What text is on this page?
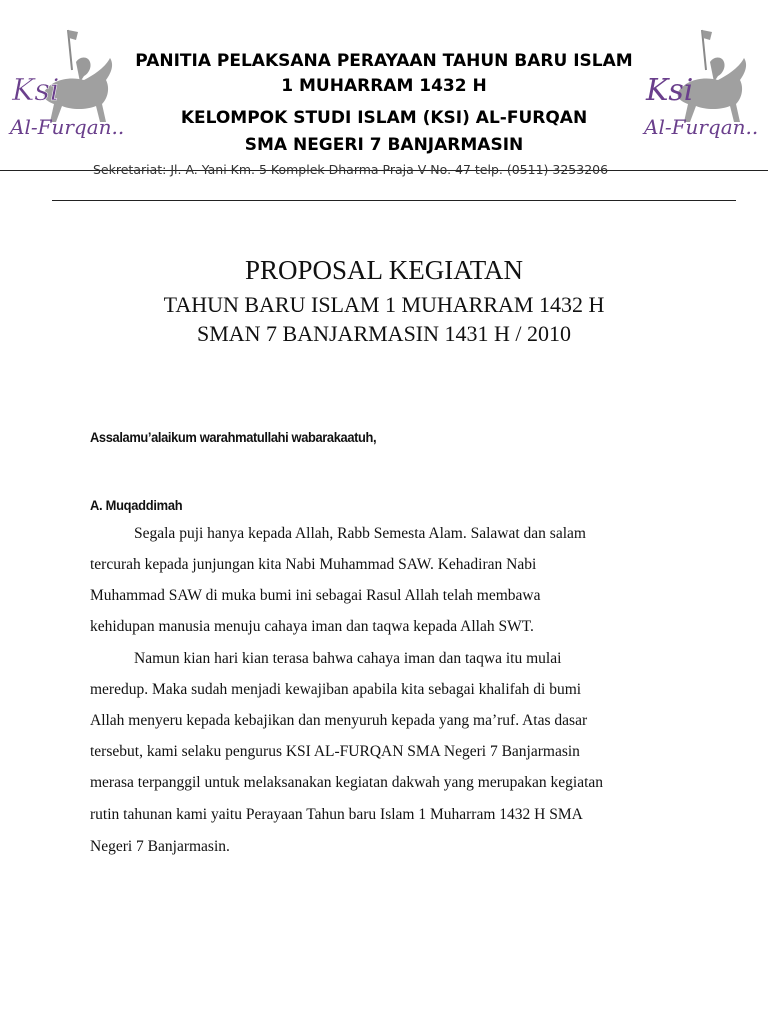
Ksi
Al-Furqan..
Ksi
Al-Furqan..
PANITIA PELAKSANA PERAYAAN TAHUN BARU ISLAM
1 MUHARRAM 1432 H
KELOMPOK STUDI ISLAM (KSI) AL-FURQAN
SMA NEGERI 7 BANJARMASIN
Sekretariat: Jl. A. Yani Km. 5 Komplek Dharma Praja V No. 47 telp. (0511) 3253206
PROPOSAL KEGIATAN
TAHUN BARU ISLAM 1 MUHARRAM 1432 H
SMAN 7 BANJARMASIN 1431 H / 2010
Assalamu’alaikum warahmatullahi wabarakaatuh,
A. Muqaddimah
Segala puji hanya kepada Allah, Rabb Semesta Alam. Salawat dan salam
tercurah kepada junjungan kita Nabi Muhammad SAW. Kehadiran Nabi
Muhammad SAW di muka bumi ini sebagai Rasul Allah telah membawa
kehidupan manusia menuju cahaya iman dan taqwa kepada Allah SWT.
Namun kian hari kian terasa bahwa cahaya iman dan taqwa itu mulai
meredup. Maka sudah menjadi kewajiban apabila kita sebagai khalifah di bumi
Allah menyeru kepada kebajikan dan menyuruh kepada yang ma’ruf. Atas dasar
tersebut, kami selaku pengurus KSI AL-FURQAN SMA Negeri 7 Banjarmasin
merasa terpanggil untuk melaksanakan kegiatan dakwah yang merupakan kegiatan
rutin tahunan kami yaitu Perayaan Tahun baru Islam 1 Muharram 1432 H SMA
Negeri 7 Banjarmasin.
